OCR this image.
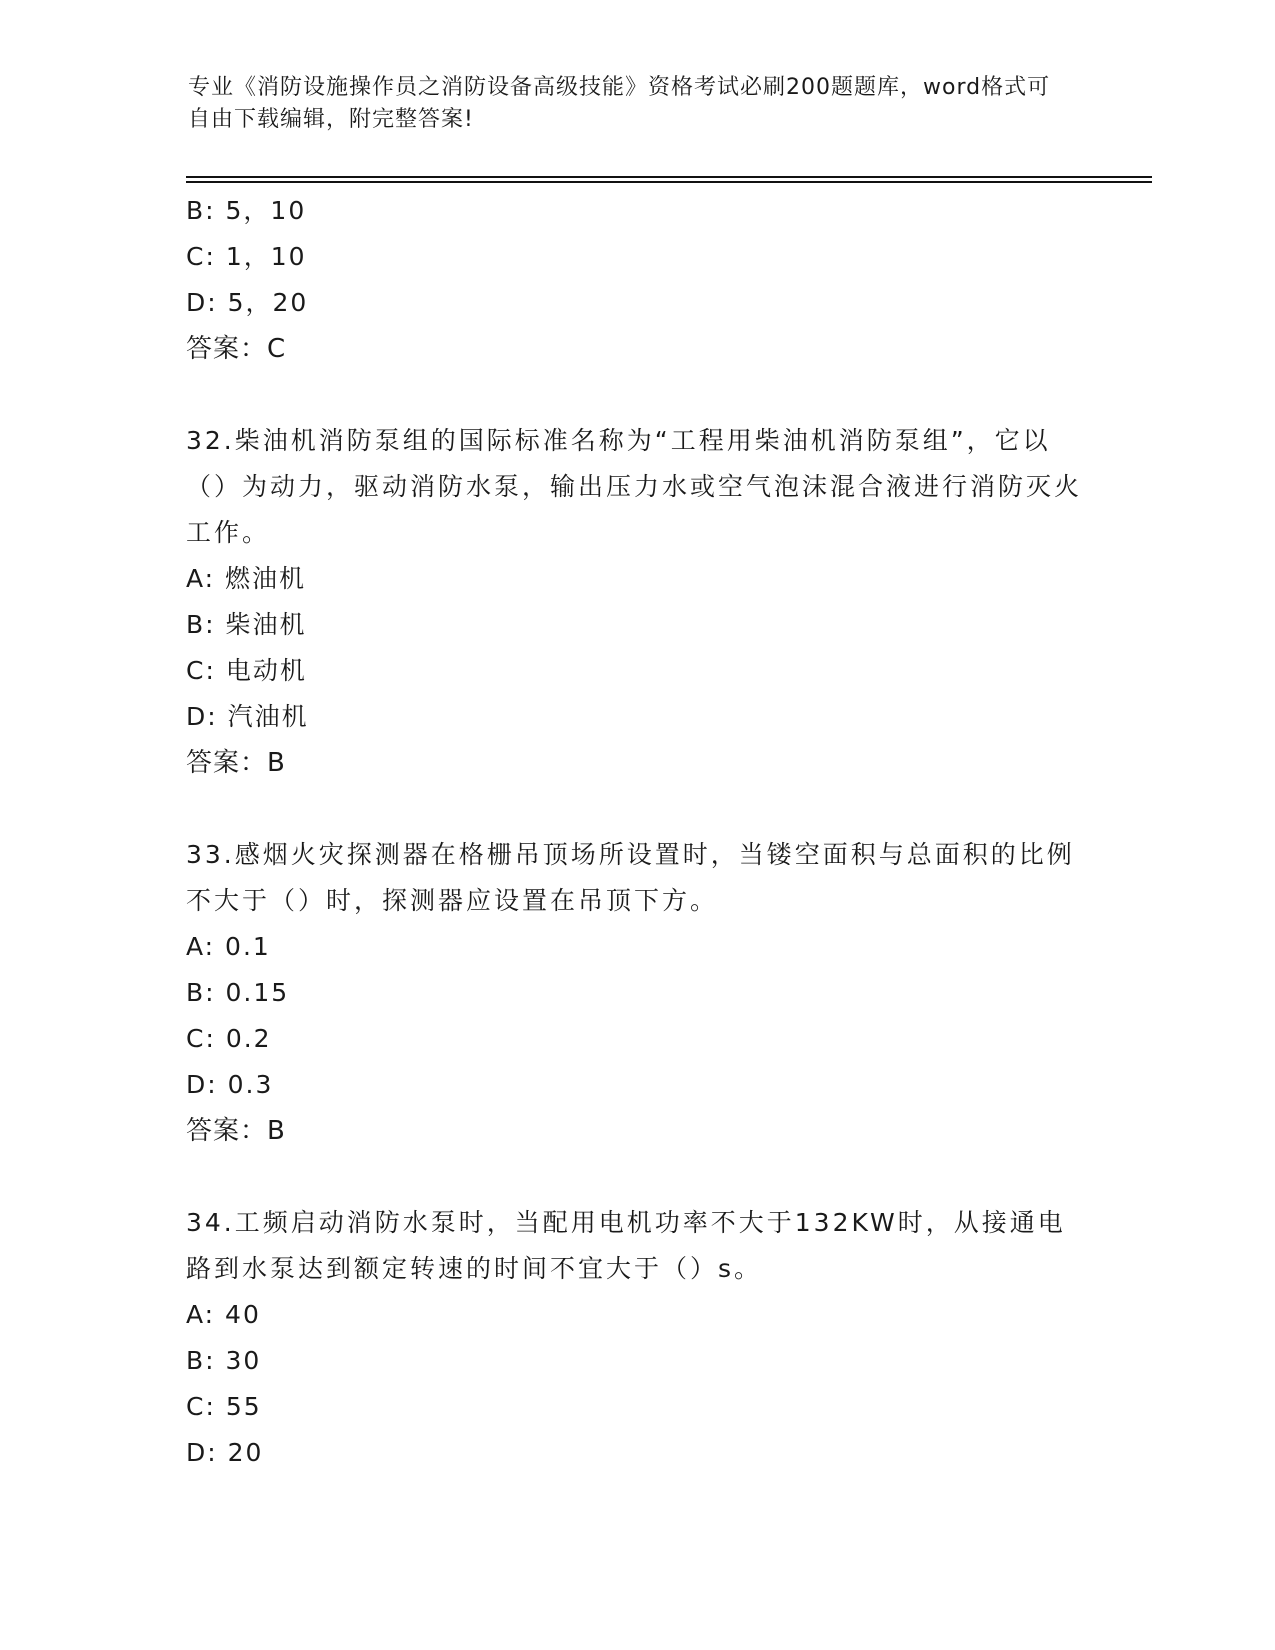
专业《消防设施操作员之消防设备高级技能》资格考试必刷200题题库，word格式可自由下载编辑，附完整答案!
B: 5，10
C: 1，10
D: 5，20
答案：C
32.柴油机消防泵组的国际标准名称为“工程用柴油机消防泵组”，它以（）为动力，驱动消防水泵，输出压力水或空气泡沫混合液进行消防灭火工作。
A: 燃油机
B: 柴油机
C: 电动机
D: 汽油机
答案：B
33.感烟火灾探测器在格栅吊顶场所设置时，当镂空面积与总面积的比例不大于（）时，探测器应设置在吊顶下方。
A: 0.1
B: 0.15
C: 0.2
D: 0.3
答案：B
34.工频启动消防水泵时，当配用电机功率不大于132KW时，从接通电路到水泵达到额定转速的时间不宜大于（）s。
A: 40
B: 30
C: 55
D: 20
